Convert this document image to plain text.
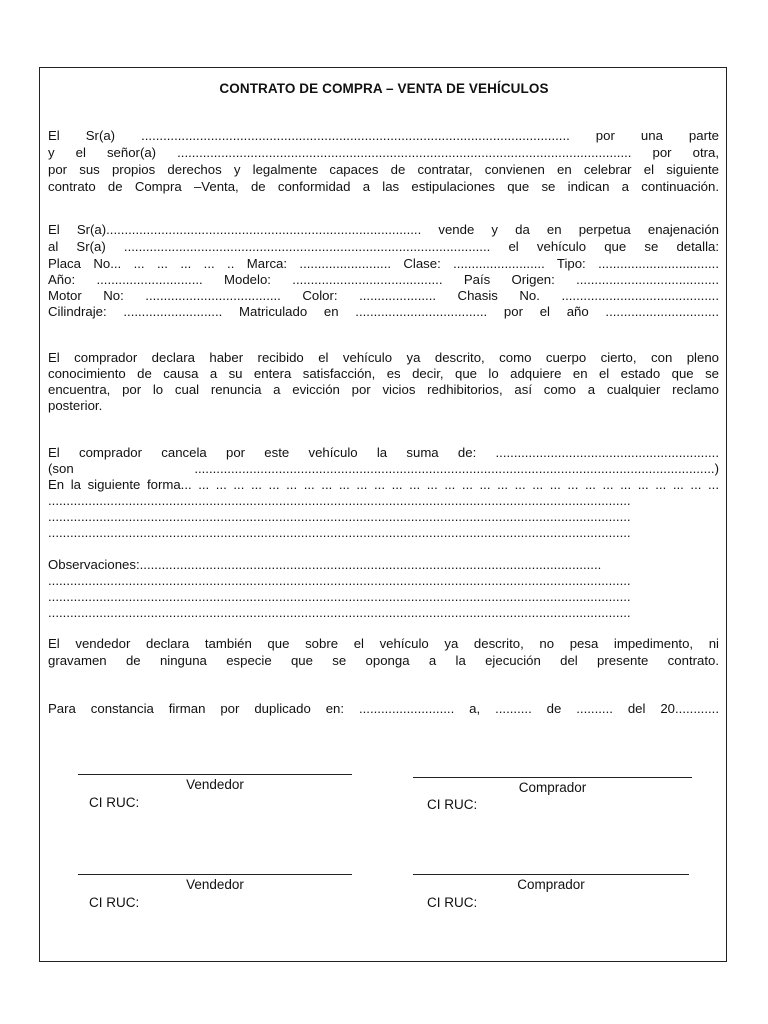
CONTRATO DE COMPRA – VENTA DE VEHÍCULOS
El Sr(a) ..................................................................................................................... por una parte
y el señor(a) ............................................................................................................................ por otra,
por sus propios derechos y legalmente capaces de contratar, convienen en celebrar el siguiente
contrato de Compra –Venta, de conformidad a las estipulaciones que se indican a continuación.
El Sr(a)...................................................................................... vende y da en perpetua enajenación
al Sr(a) .................................................................................................... el vehículo que se detalla:
Placa No... ... ... ... ... .. Marca: ......................... Clase: ......................... Tipo: .................................
Año: ............................. Modelo: ......................................... País Origen: .......................................
Motor No: ..................................... Color: ..................... Chasis No. ...........................................
Cilindraje: ........................... Matriculado en .................................... por el año ...............................
El comprador declara haber recibido el vehículo ya descrito, como cuerpo cierto, con pleno
conocimiento de causa a su entera satisfacción, es decir, que lo adquiere en el estado que se
encuentra, por lo cual renuncia a evicción por vicios redhibitorios, así como a cualquier reclamo
posterior.
El comprador cancela por este vehículo la suma de: .............................................................
(son ..............................................................................................................................................)
En la siguiente forma... ... ... ... ... ... ... ... ... ... ... ... ... ... ... ... ... ... ... ... ... ... ... ... ... ... ... ... ... ... ...
...............................................................................................................................................................
...............................................................................................................................................................
...............................................................................................................................................................
Observaciones:..............................................................................................................................
...............................................................................................................................................................
...............................................................................................................................................................
...............................................................................................................................................................
El vendedor declara también que sobre el vehículo ya descrito, no pesa impedimento, ni
gravamen de ninguna especie que se oponga a la ejecución del presente contrato.
Para constancia firman por duplicado en: .......................... a, .......... de .......... del 20............
Vendedor
CI RUC:
Comprador
CI RUC:
Vendedor
CI RUC:
Comprador
CI RUC:
